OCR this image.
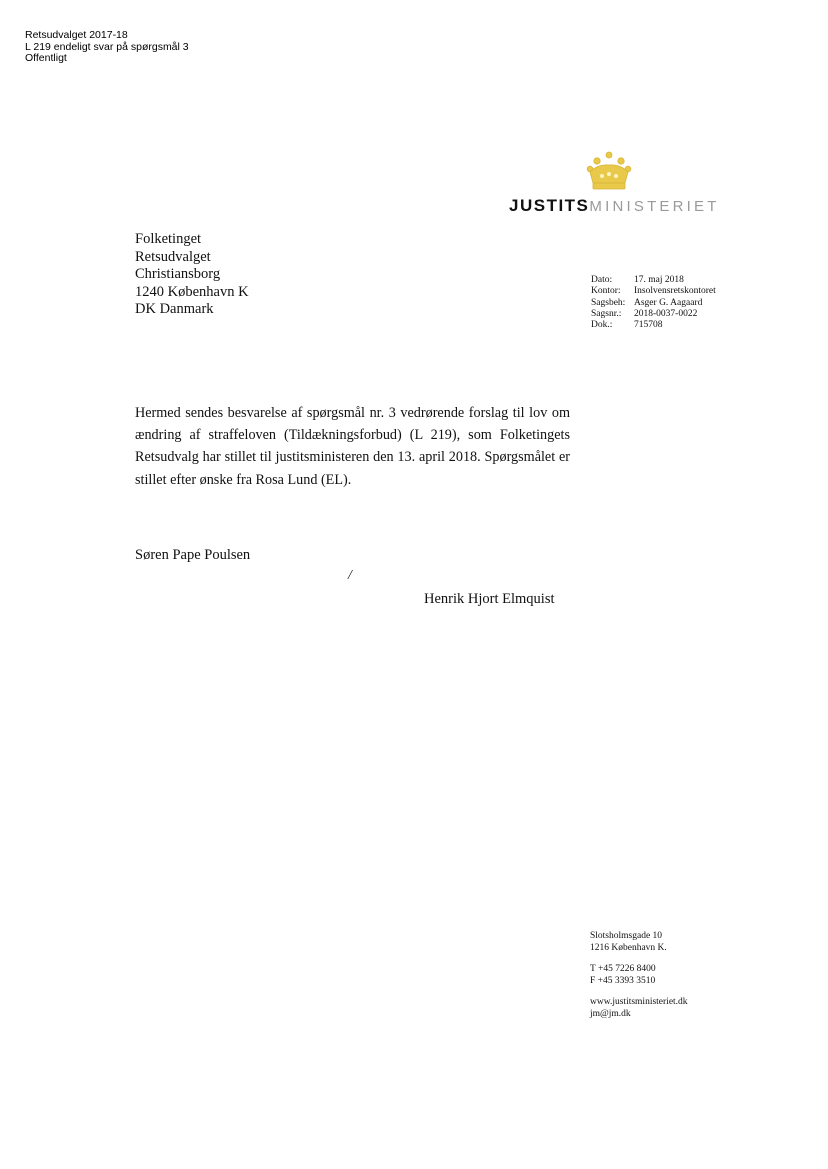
Retsudvalget 2017-18
L 219 endeligt svar på spørgsmål 3
Offentligt
JUSTITSMINISTERIET
Folketinget
Retsudvalget
Christiansborg
1240 København K
DK Danmark
Dato:	17. maj 2018
Kontor:	Insolvensretskontoret
Sagsbeh: Asger G. Aagaard
Sagsnr.:	2018-0037-0022
Dok.:	715708
Hermed sendes besvarelse af spørgsmål nr. 3 vedrørende forslag til lov om ændring af straffeloven (Tildækningsforbud) (L 219), som Folketingets Retsudvalg har stillet til justitsministeren den 13. april 2018. Spørgsmålet er stillet efter ønske fra Rosa Lund (EL).
Søren Pape Poulsen
/
Henrik Hjort Elmquist
Slotsholmsgade 10
1216 København K.
T +45 7226 8400
F +45 3393 3510
www.justitsministeriet.dk
jm@jm.dk
